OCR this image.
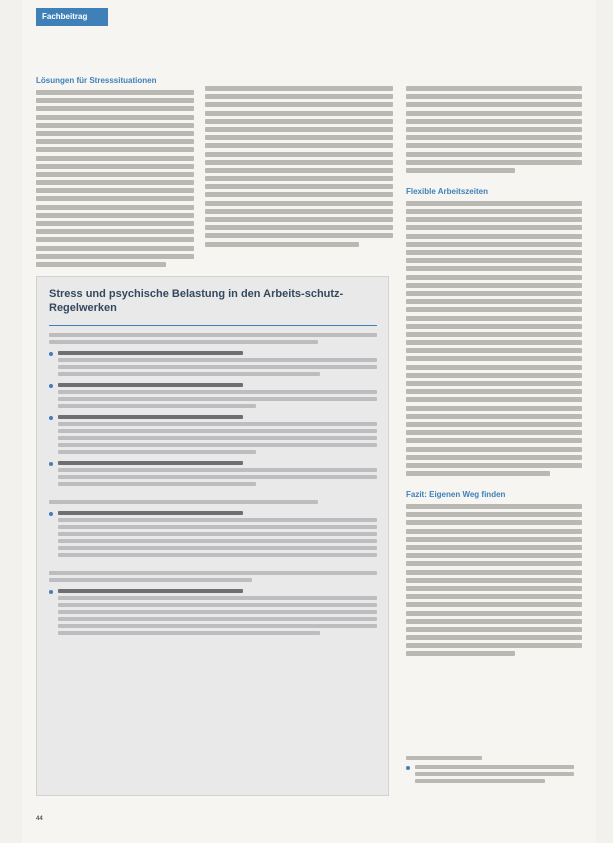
Fachbeitrag
Lösungen für Stresssituationen
Flexible Arbeitszeiten
Fazit: Eigenen Weg finden
Stress und psychische Belastung in den Arbeits-schutz-Regelwerken
44
